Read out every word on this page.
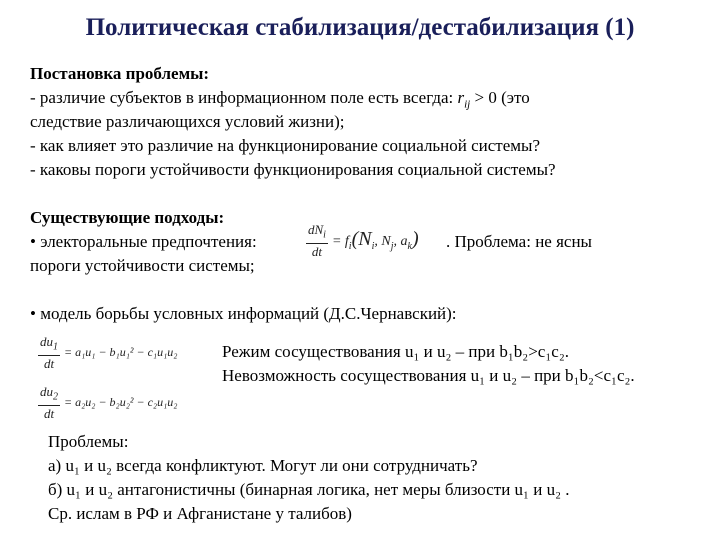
Политическая стабилизация/дестабилизация (1)
Постановка проблемы:
- различие субъектов в информационном поле есть всегда: $r_{ij} > 0$ (это
следствие различающихся условий жизни);
- как влияет это различие на функционирование социальной системы?
- каковы пороги устойчивости функционирования социальной системы?
Существующие подходы:
• электоральные предпочтения:	$\frac{dN_i}{dt} = f_i(N_i$, $N_j$, $a_k$) . Проблема: не ясны
пороги устойчивости системы;
• модель борьбы условных информаций (Д.С.Чернавский):
$\frac{du_1}{dt} = a_1u_1 - b_1u_1^2 - c_1u_1u_2$
$\frac{du_2}{dt} = a_2u_2 - b_2u_2^2 - c_2u_1u_2$
Режим сосуществования u₁ и u₂ – при b₁b₂>c₁c₂.
Невозможность сосуществования u₁ и u₂ – при b₁b₂<c₁c₂.
Проблемы:
а) u₁ и u₂ всегда конфликтуют. Могут ли они сотрудничать?
б) u₁ и u₂ антагонистичны (бинарная логика, нет меры близости u₁ и u₂ .
Ср. ислам в РФ и Афганистане у талибов)
